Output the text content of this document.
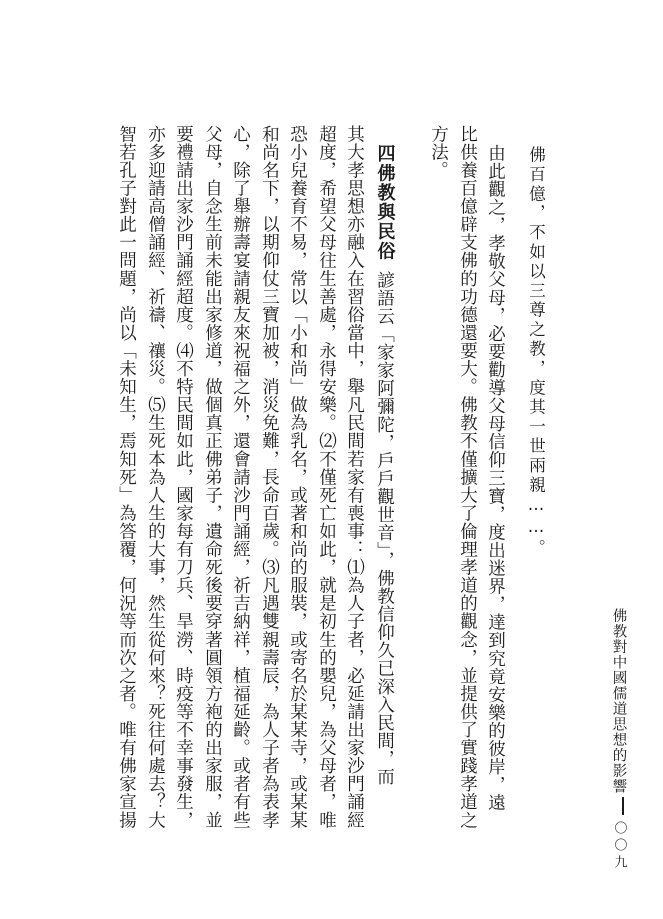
佛教對中國儒道思想的影響〇〇九
佛百億，不如以三尊之教，度其一世兩親……。
由此觀之，孝敬父母，必要勸導父母信仰三寶，度出迷界，達到究竟安樂的彼岸，遠
比供養百億辟支佛的功德還要大。佛教不僅擴大了倫理孝道的觀念，並提供了實踐孝道之
方法。
四佛教與民俗諺語云「家家阿彌陀，戶戶觀世音」，佛教信仰久已深入民間，而
其大孝思想亦融入在習俗當中，舉凡民間若家有喪事：⑴為人子者，必延請出家沙門誦經
超度，希望父母往生善處，永得安樂。⑵不僅死亡如此，就是初生的嬰兒，為父母者，唯
恐小兒養育不易，常以「小和尚」做為乳名，或著和尚的服裝，或寄名於某某寺，或某某
和尚名下，以期仰仗三寶加被，消災免難，長命百歲。⑶凡遇雙親壽辰，為人子者為表孝
心，除了舉辦壽宴請親友來祝福之外，還會請沙門誦經，祈吉納祥，植福延齡。或者有些
父母，自念生前未能出家修道，做個真正佛弟子，遺命死後要穿著圓領方袍的出家服，並
要禮請出家沙門誦經超度。⑷不特民間如此，國家每有刀兵、旱澇、時疫等不幸事發生，
亦多迎請高僧誦經、祈禱、禳災。⑸生死本為人生的大事，然生從何來？死往何處去？大
智若孔子對此一問題，尚以「未知生，焉知死」為答覆，何況等而次之者。唯有佛家宣揚
